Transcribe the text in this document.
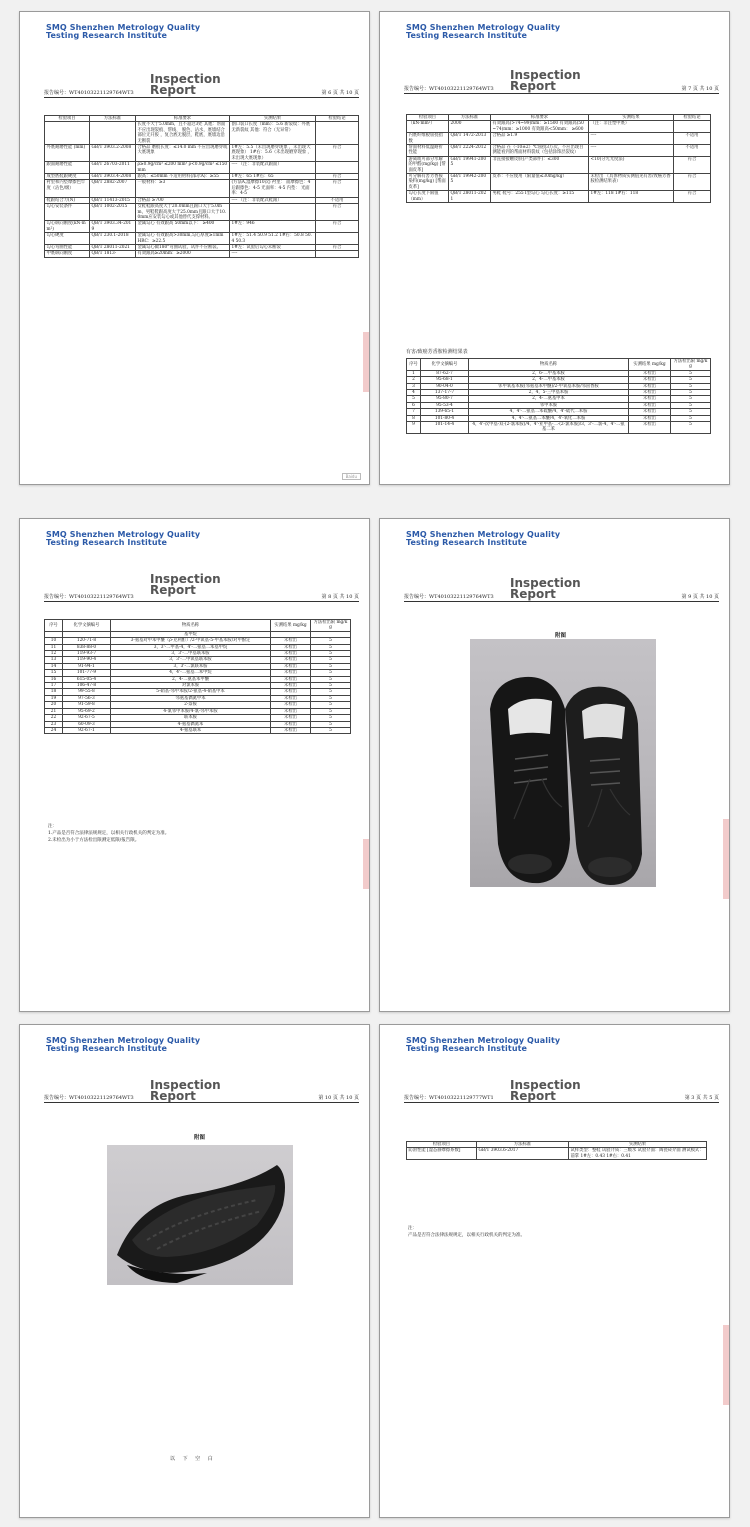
SMQ Shenzhen Metrology Quality
Testing Research Institute
Inspection
Report
报告编号：WT40103221129764WT3	第 6 页 共 10 页
检验项目	方法标准	标准要求	实测结果	检验结论
		长度不大于5.0mm，且不超过3处 其他：帮面不应出现裂痕、帮线、 脱色、沾水，底墙结合部位无开胶 ，复合底无脱层，鞋底，底墙边沿 无断裂	割口裂口长度（mm）：5.6 新裂纹：外底无新裂纹 其他：符合（无异常）	
外底耐磨性能 (mm)	GB/T 3903.2-2008	合格品 磨痕长度：≤14.0 mm 不应出现磨穿或大底现象	1#左：5.5（未出现磨穿现象 ，未出现大底现象） 1#右：5.6（未出现磨穿现象 ，未出现大底现象）	符合
跟面耐磨性能	GB/T 26703-2011	ρ≥0.9g/cm³ ≤200 mm³ ρ<0.9g/cm³ ≤150 mm	---- （注：非装配式跟面）	
成型底鞋跟硬度	GB/T 3903.4-2008	跟高：≤50mm 不适用材料(邵尔A)：≥55	1#左：65 1#右：65	符合
衬里和内垫摩擦色牢度（沾色/级）	QB/T 2882-2007	一般材料：≥3	(方法A,湿摩擦10次) 衬里： 面摩擦色：4 后跟擦色：4-5 光面率：4-5 内垫： 光面率：4-5	符合
鞋跟结合力(N)	QB/T 11413-2015	合格品 ≥700	---- （注：非装配式鞋跟）	不适用
勾心安装条件	QB/T 1002-2015	女鞋鞋跟高度大于20.0mm且跟口大于5.0mm，男鞋鞋跟高度大于25.0mm且跟口大于10.0mm应安装勾心或其他替代支撑材料。		符合
勾心纵向刚度(kN·mm²)	QB/T 3903.34-2019	金属勾心 有效跟高 50mm以下： ≥400	1#左：946	符合
勾心硬度	QB/T 230.1-2018	金属勾心 有效跟高>30mm,勾心厚度≥1mm HRC：≥22.5	1#左：51.4 50.9 51.2 1#右：50.8 50.4 50.3	
勾心弯曲性能	QB/T 28011-2021	金属勾心做180°弯曲试验，试件不应断裂。	1#左：试验后勾心未断裂	符合
中底纵向刚度	QB/T 1813-	有效跟高≥20mm：≥2000	----	
Baidu
SMQ Shenzhen Metrology Quality
Testing Research Institute
Inspection
Report
报告编号：WT40103221129764WT3	第 7 页 共 10 页
检验项目	方法标准	标准要求	实测结果	检验结论
（kN·mm²）	2000	有效跟高(>74~99)mm：≥1500 有效跟高(50~74)mm：≥1000 有效跟高<50mm： ≥600	（注：非注塑中底）	
内底纤维板屈挠指数	QB/T 1472-2013	合格品 ≥1.9	----	不适用
帮面材料低温耐折性能	QB/T 2224-2012	合格品 在（-10±2）℃屈挠3万次，不应出现目测能看到的帮面材料裂纹（包括涂饰层裂纹）	----	不适用
游离或可部分水解的甲醛(mg/kg) [帮面皮革]	GB/T 19941-2005	非直接接触皮肤(产类部件)：≤300	<10(分光光度法)	符合
可分解有害芳香胺染料(mg/kg) [帮面皮革]	GB/T 19942-2005	皮革：不应使用（限量值≤30mg/kg）	未检出 （具体物质实测值见有害/致癌芳香胺检测结果表）	符合
勾心长度下限值（mm）	QB/T 28011-2021	男鞋 鞋号：255 I型勾心 勾心长度：≥115	1#左：118 1#右：118	符合
有害/致癌芳香胺检测结果表
序号	化学文摘编号	物质名称	实测结果 mg/kg	方法检出限 mg/kg
1	87-62-7	2，6-二甲基苯胺	未检出	5
2	95-68-1	2，4-二甲基苯胺	未检出	5
3	90-04-0	邻甲氧基苯胺(邻氨基苯甲醚)/2-甲氧基苯胺/邻茴香胺	未检出	5
4	137-17-7	2，4，5-三甲基苯胺	未检出	5
5	95-80-7	2，4-二氨基甲苯	未检出	5
6	95-53-4	邻甲苯胺	未检出	5
7	139-65-1	4，4'-二氨基二苯硫醚/4，4'-硫代二苯胺	未检出	5
8	101-80-4	4，4'-二氨基二苯醚/4，4'-氧化二苯胺	未检出	5
9	101-14-4	4，4'-次甲基-双-(2-氯苯胺)/4，4'-亚甲基-二-(2-氯苯胺)/3，3'-二氯-4，4'-二氨基二苯	未检出	5
SMQ Shenzhen Metrology Quality
Testing Research Institute
Inspection
Report
报告编号：WT40103221129764WT3	第 8 页 共 10 页
序号	化学文摘编号	物质名称	实测结果 mg/kg	方法检出限 mg/kg
		基甲烷		
10	120-71-8	3-氨基对甲苯甲醚（ρ-克利酊）/2-甲氧基-5-甲基苯胺/对甲酚定	未检出	5
11	838-88-0	3，3'-二甲基-4，4'-二氨基二苯基甲烷	未检出	5
12	119-93-7	3，3'-二甲基联苯胺	未检出	5
13	119-90-4	3，3'-二甲氧基联苯胺	未检出	5
14	91-94-1	3，3'-二氯联苯胺	未检出	5
15	101-77-9	4，4'-二氨基二苯甲烷	未检出	5
16	615-05-4	2，4-二氨基苯甲醚	未检出	5
17	106-47-8	对氯苯胺	未检出	5
18	99-55-8	5-硝基-邻甲苯胺/2-氨基-4-硝基甲苯	未检出	5
19	97-56-3	邻氨基偶氮甲苯	未检出	5
20	91-59-8	2-萘胺	未检出	5
21	95-69-2	4-氯邻甲苯胺/4-氯-邻甲苯胺	未检出	5
22	92-67-5	联苯胺	未检出	5
23	60-09-3	4-氨基偶氮苯	未检出	5
24	92-67-1	4-氨基联苯	未检出	5
注：
1.产品是否符合法律法规规定，以相关行政机关的判定为准。
2.未检出为小于方法检出限测定低限/报告限。
SMQ Shenzhen Metrology Quality
Testing Research Institute
Inspection
Report
报告编号：WT40103221129764WT3	第 9 页 共 10 页
附图
SMQ Shenzhen Metrology Quality
Testing Research Institute
Inspection
Report
报告编号：WT40103221129764WT3	第 10 页 共 10 页
附图
以 下 空 白
SMQ Shenzhen Metrology Quality
Testing Research Institute
Inspection
Report
报告编号：WT40103221129777WT1	第 3 页 共 5 页
检验项目	方法标准	实测结果
防滑性能 [湿态静摩擦系数]	GB/T 3903.6-2017	试样类型：整鞋 试验介质：三级水 试验介面：陶瓷砖介面 测试模式：前掌 1#左：0.43 1#右：0.41
注：
产品是否符合法律法规规定，以相关行政机关的判定为准。
